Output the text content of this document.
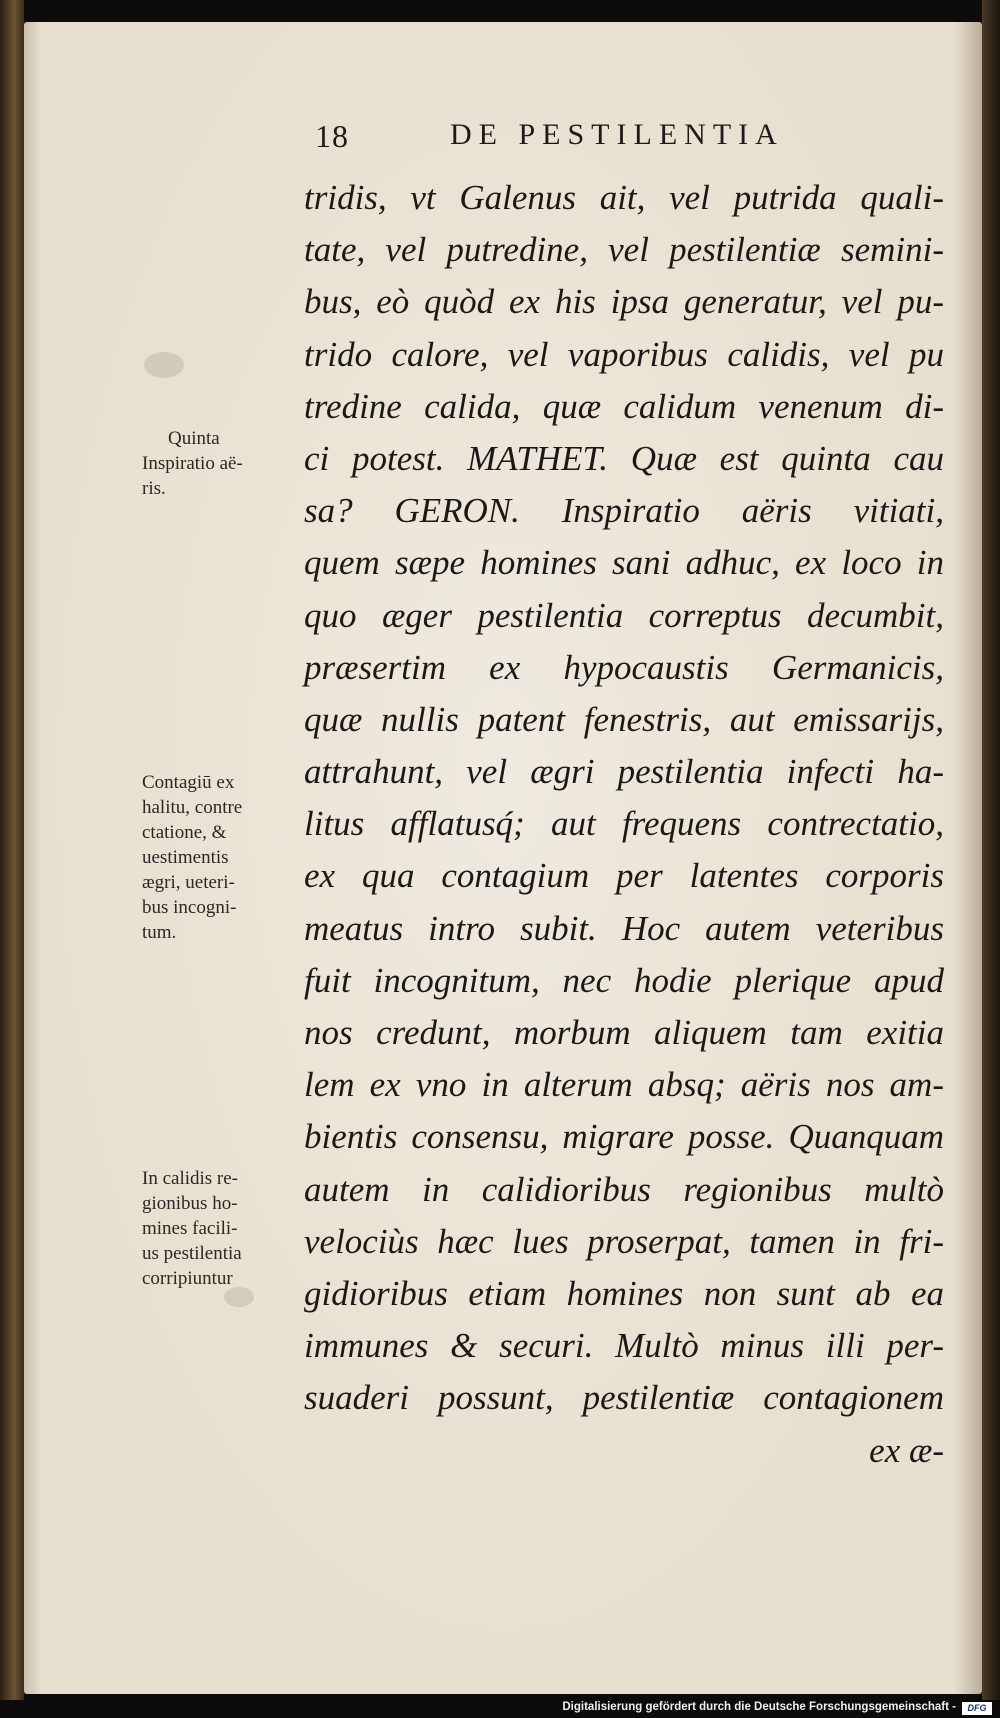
18	DE PESTILENTIA
Quinta
Inspiratio aë-
ris.
Contagiū ex
halitu, contre
ctatione, &
uestimentis
ægri, ueteri-
bus incogni-
tum.
In calidis re-
gionibus ho-
mines facili-
us pestilentia
corripiuntur
tridis, vt Galenus ait, vel putrida quali-
tate, vel putredine, vel pestilentiæ semini-
bus, eò quòd ex his ipsa generatur, vel pu-
trido calore, vel vaporibus calidis, vel pu
tredine calida, quæ calidum venenum di-
ci potest. MATHET. Quæ est quinta cau
sa? GERON. Inspiratio aëris vitiati,
quem sæpe homines sani adhuc, ex loco in
quo æger pestilentia correptus decumbit,
præsertim ex hypocaustis Germanicis,
quæ nullis patent fenestris, aut emissarijs,
attrahunt, vel ægri pestilentia infecti ha-
litus afflatusq́; aut frequens contrectatio,
ex qua contagium per latentes corporis
meatus intro subit. Hoc autem veteribus
fuit incognitum, nec hodie plerique apud
nos credunt, morbum aliquem tam exitia
lem ex vno in alterum absq; aëris nos am-
bientis consensu, migrare posse. Quanquam
autem in calidioribus regionibus multò
velociùs hæc lues proserpat, tamen in fri-
gidioribus etiam homines non sunt ab ea
immunes & securi. Multò minus illi per-
suaderi possunt, pestilentiæ contagionem
ex æ-
Digitalisierung gefördert durch die Deutsche Forschungsgemeinschaft -	DFG
